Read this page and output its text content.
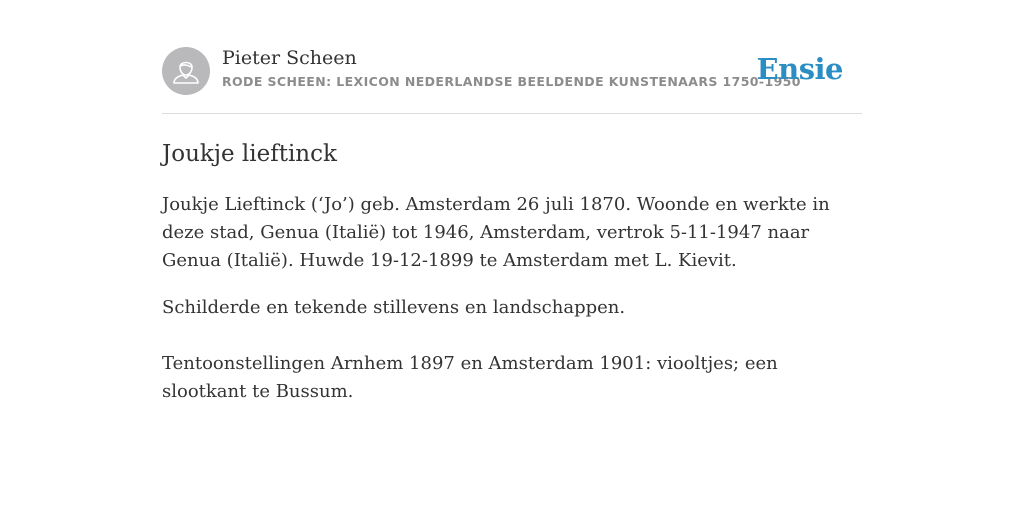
Pieter Scheen
RODE SCHEEN: LEXICON NEDERLANDSE BEELDENDE KUNSTENAARS 1750-1950
Ensie
Joukje lieftinck

Joukje Lieftinck (‘Jo’) geb. Amsterdam 26 juli 1870. Woonde en werkte in deze stad, Genua (Italië) tot 1946, Amsterdam, vertrok 5-11-1947 naar Genua (Italië). Huwde 19-12-1899 te Amsterdam met L. Kievit.

Schilderde en tekende stillevens en landschappen.

Tentoonstellingen Arnhem 1897 en Amsterdam 1901: viooltjes; een slootkant te Bussum.
